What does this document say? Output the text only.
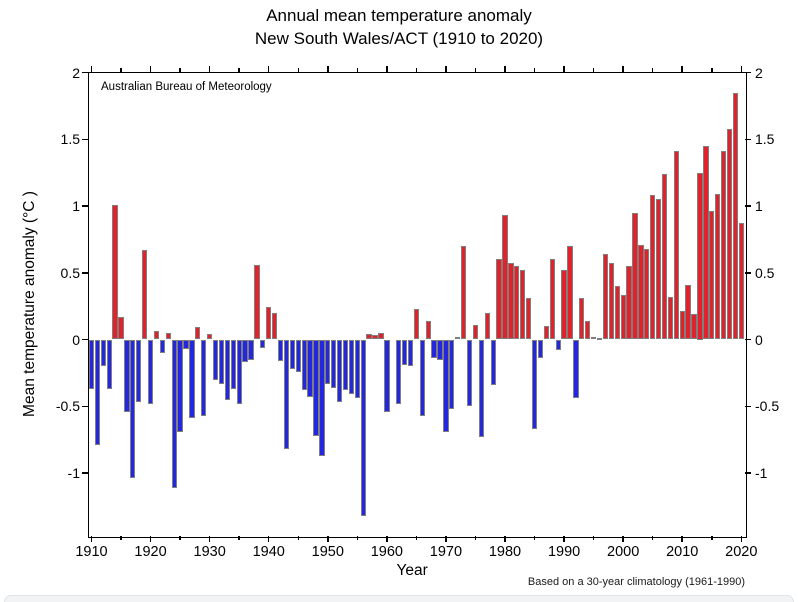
Annual mean temperature anomaly
New South Wales/ACT (1910 to 2020)
2	2
1.5	1.5
1	1
0.5	0.5
0	0
-0.5	-0.5
-1	-1
1910	1920	1930	1940	1950	1960	1970	1980	1990	2000	2010	2020
Australian Bureau of Meteorology
Mean temperature anomaly (°C )
Year
Based on a 30-year climatology (1961-1990)
